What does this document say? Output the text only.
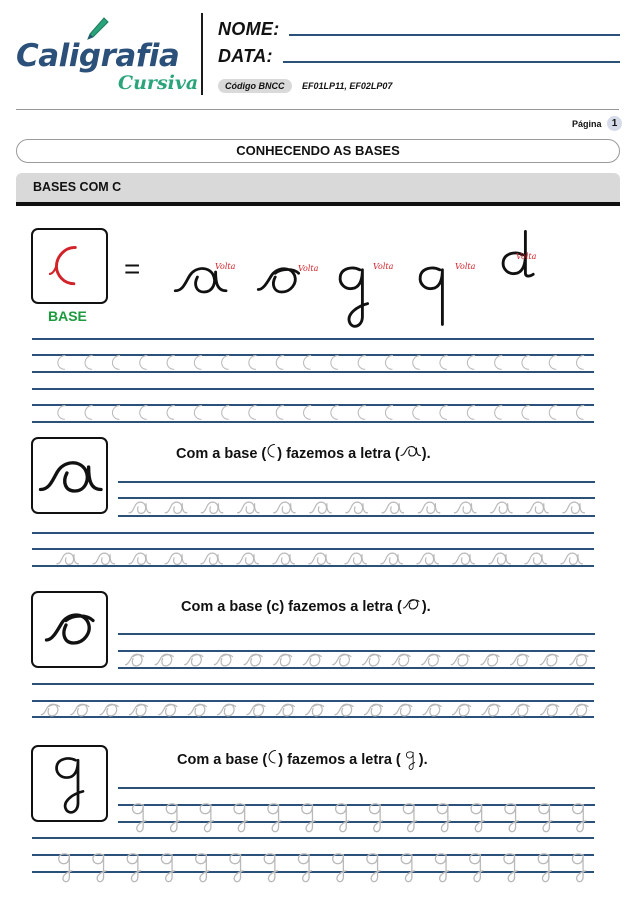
Caligrafia
Cursiva
NOME:
DATA:
Código BNCC	EF01LP11, EF02LP07
Página	1
CONHECENDO AS BASES
BASES COM C
BASE
=	Volta	Volta	Volta	Volta
Volta
Com a base ( ) fazemos a letra ( ).
Com a base (c) fazemos a letra ( ).
Com a base ( ) fazemos a letra ( ).
